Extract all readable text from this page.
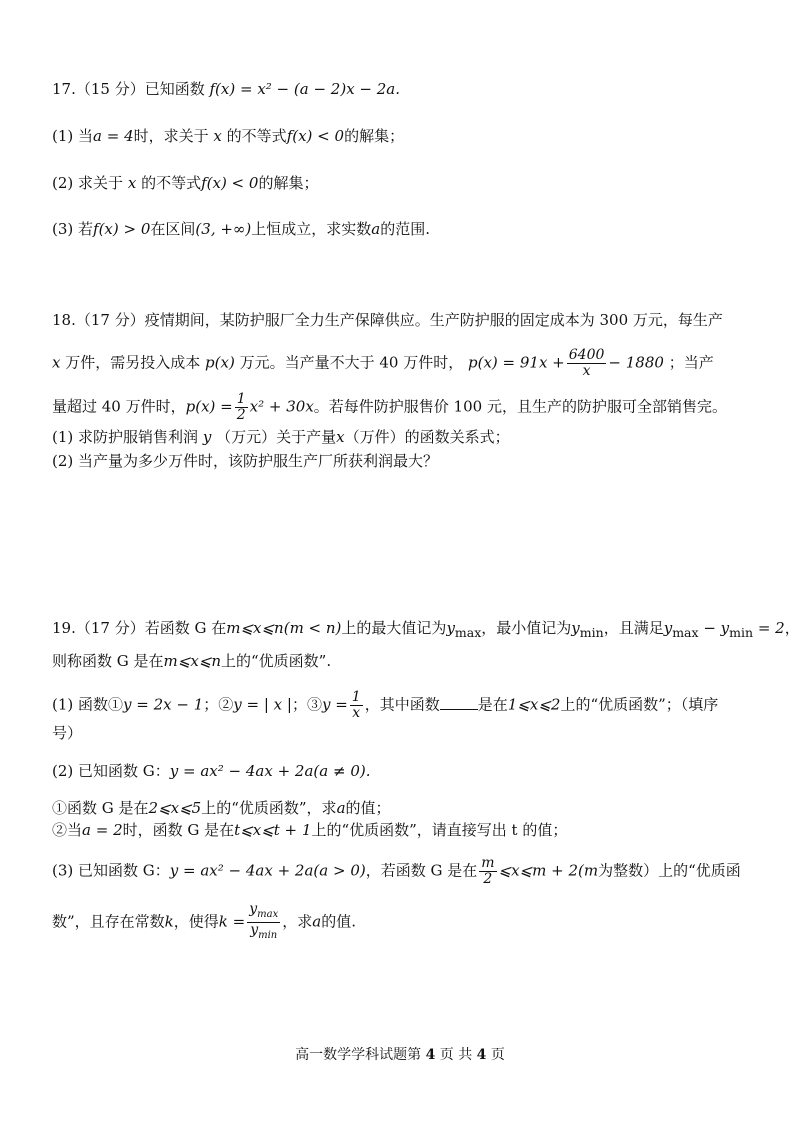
17.（15 分）已知函数 f(x) = x² − (a − 2)x − 2a.
(1) 当a = 4时，求关于 x 的不等式f(x) < 0的解集；
(2) 求关于 x 的不等式f(x) < 0的解集；
(3) 若f(x) > 0在区间(3, +∞)上恒成立，求实数a的范围.
18.（17 分）疫情期间，某防护服厂全力生产保障供应。生产防护服的固定成本为 300 万元，每生产
x 万件，需另投入成本 p(x) 万元。当产量不大于 40 万件时， $p(x) = 91x + \frac{6400}{x} - 1880$ ；当产
量超过 40 万件时，$p(x) = \frac{1}{2} x^2 + 30x$。若每件防护服售价 100 元，且生产的防护服可全部销售完。
(1) 求防护服销售利润 y （万元）关于产量x（万件）的函数关系式；
(2) 当产量为多少万件时，该防护服生产厂所获利润最大？
19.（17 分）若函数 G 在m⩽x⩽n(m < n)上的最大值记为$y_{max}$，最小值记为$y_{min}$，且满足$y_{max} - y_{min} = 2$，
则称函数 G 是在m⩽x⩽n上的“优质函数”.
(1) 函数①y = 2x − 1；②y = | x |；③y = $\frac{1}{x}$ ，其中函数	是在1⩽x⩽2上的“优质函数”；（填序
号）
(2) 已知函数 G：y = ax² − 4ax + 2a(a ≠ 0).
①函数 G 是在2⩽x⩽5上的“优质函数”，求a的值；
②当a = 2时，函数 G 是在t⩽x⩽t + 1上的“优质函数”，请直接写出 t 的值；
(3) 已知函数 G：y = ax² − 4ax + 2a(a > 0)，若函数 G 是在 $\frac{m}{2}$ ⩽x⩽m + 2(m为整数）上的“优质函
数”，且存在常数k，使得$k = \frac{y_{max}}{y_{min}}$ ，求a的值.
高一数学学科试题第 4 页 共 4 页
